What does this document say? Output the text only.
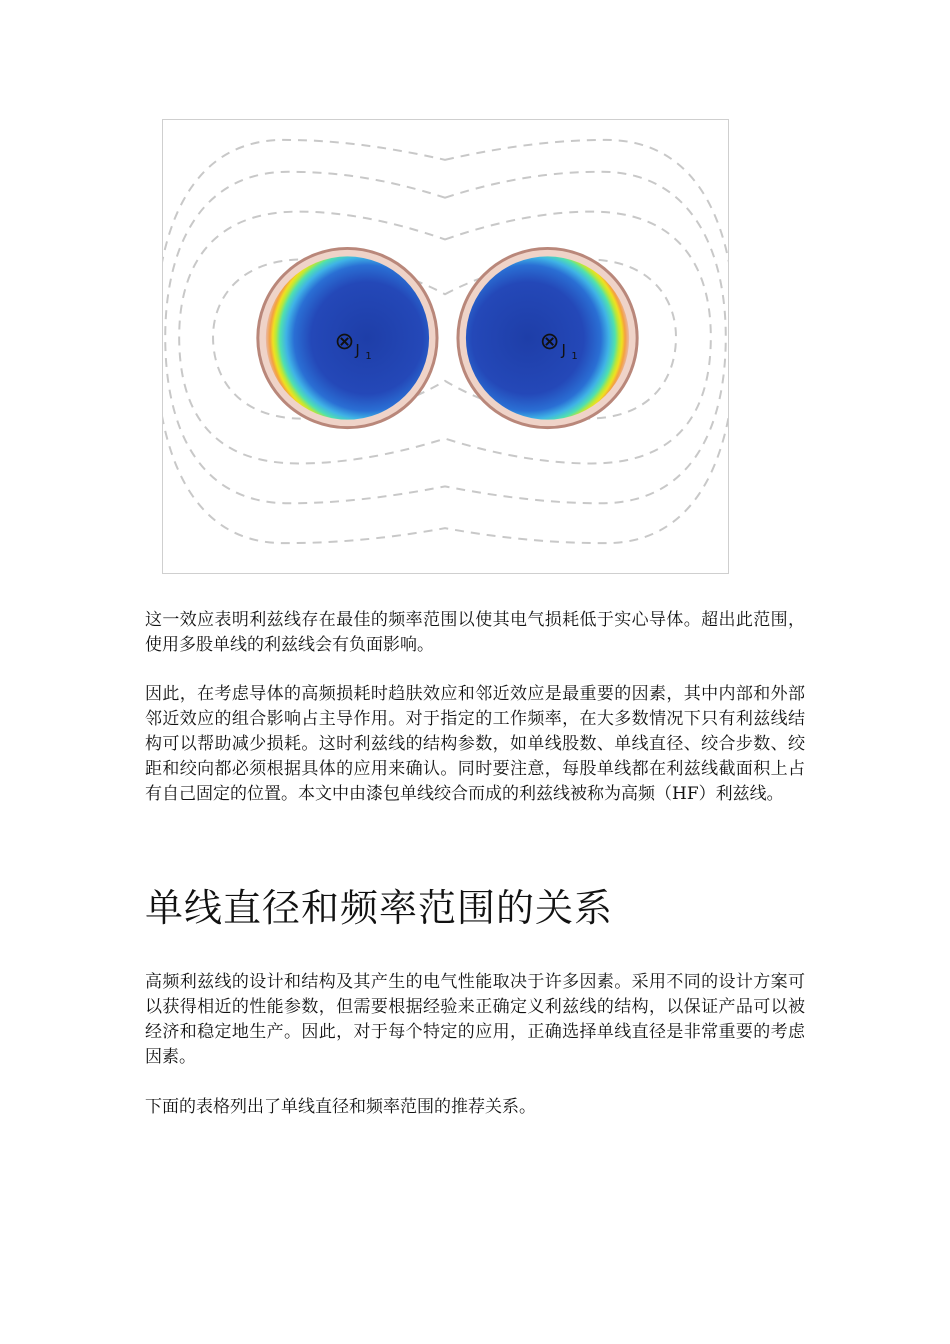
⊗ J 1
⊗ J 1

这一效应表明利兹线存在最佳的频率范围以使其电气损耗低于实心导体。超出此范围，使用多股单线的利兹线会有负面影响。

因此，在考虑导体的高频损耗时趋肤效应和邻近效应是最重要的因素，其中内部和外部邻近效应的组合影响占主导作用。对于指定的工作频率，在大多数情况下只有利兹线结构可以帮助减少损耗。这时利兹线的结构参数，如单线股数、单线直径、绞合步数、绞距和绞向都必须根据具体的应用来确认。同时要注意，每股单线都在利兹线截面积上占有自己固定的位置。本文中由漆包单线绞合而成的利兹线被称为高频（HF）利兹线。

单线直径和频率范围的关系

高频利兹线的设计和结构及其产生的电气性能取决于许多因素。采用不同的设计方案可以获得相近的性能参数，但需要根据经验来正确定义利兹线的结构，以保证产品可以被经济和稳定地生产。因此，对于每个特定的应用，正确选择单线直径是非常重要的考虑因素。

下面的表格列出了单线直径和频率范围的推荐关系。
